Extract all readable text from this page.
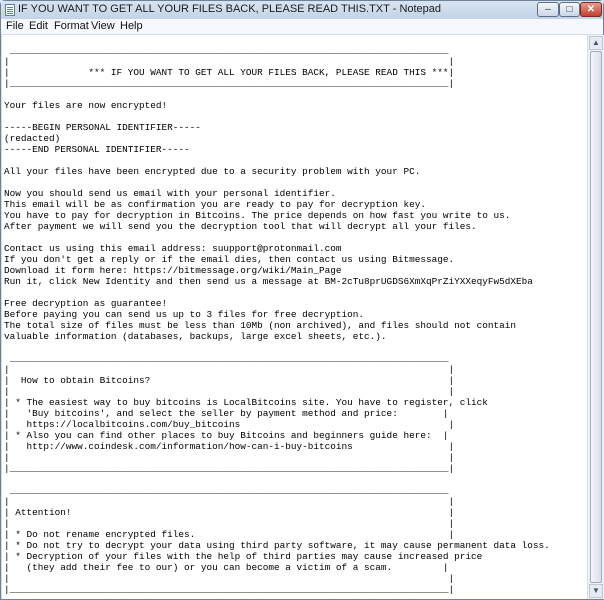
IF YOU WANT TO GET ALL YOUR FILES BACK, PLEASE READ THIS.TXT - Notepad	–	□	✕
File Edit Format View Help
______________________________________________________________________________
|                                                                              |
|              *** IF YOU WANT TO GET ALL YOUR FILES BACK, PLEASE READ THIS ***|
|______________________________________________________________________________|

Your files are now encrypted!

-----BEGIN PERSONAL IDENTIFIER-----
(redacted)
-----END PERSONAL IDENTIFIER-----

All your files have been encrypted due to a security problem with your PC.

Now you should send us email with your personal identifier.
This email will be as confirmation you are ready to pay for decryption key.
You have to pay for decryption in Bitcoins. The price depends on how fast you write to us.
After payment we will send you the decryption tool that will decrypt all your files.

Contact us using this email address: suupport@protonmail.com
If you don't get a reply or if the email dies, then contact us using Bitmessage.
Download it form here: https://bitmessage.org/wiki/Main_Page
Run it, click New Identity and then send us a message at BM-2cTu8prUGDS6XmXqPrZiYXXeqyFw5dXEba

Free decryption as guarantee!
Before paying you can send us up to 3 files for free decryption.
The total size of files must be less than 10Mb (non archived), and files should not contain
valuable information (databases, backups, large excel sheets, etc.).

______________________________________________________________________________
|                                                                              |
|  How to obtain Bitcoins?                                                     |
|                                                                              |
| * The easiest way to buy bitcoins is LocalBitcoins site. You have to register, click
|   'Buy bitcoins', and select the seller by payment method and price:        |
|   https://localbitcoins.com/buy_bitcoins                                     |
| * Also you can find other places to buy Bitcoins and beginners guide here:  |
|   http://www.coindesk.com/information/how-can-i-buy-bitcoins                 |
|                                                                              |
|______________________________________________________________________________|

______________________________________________________________________________
|                                                                              |
| Attention!                                                                   |
|                                                                              |
| * Do not rename encrypted files.                                             |
| * Do not try to decrypt your data using third party software, it may cause permanent data loss.
| * Decryption of your files with the help of third parties may cause increased price
|   (they add their fee to our) or you can become a victim of a scam.         |
|                                                                              |
|______________________________________________________________________________|
▲
▼
